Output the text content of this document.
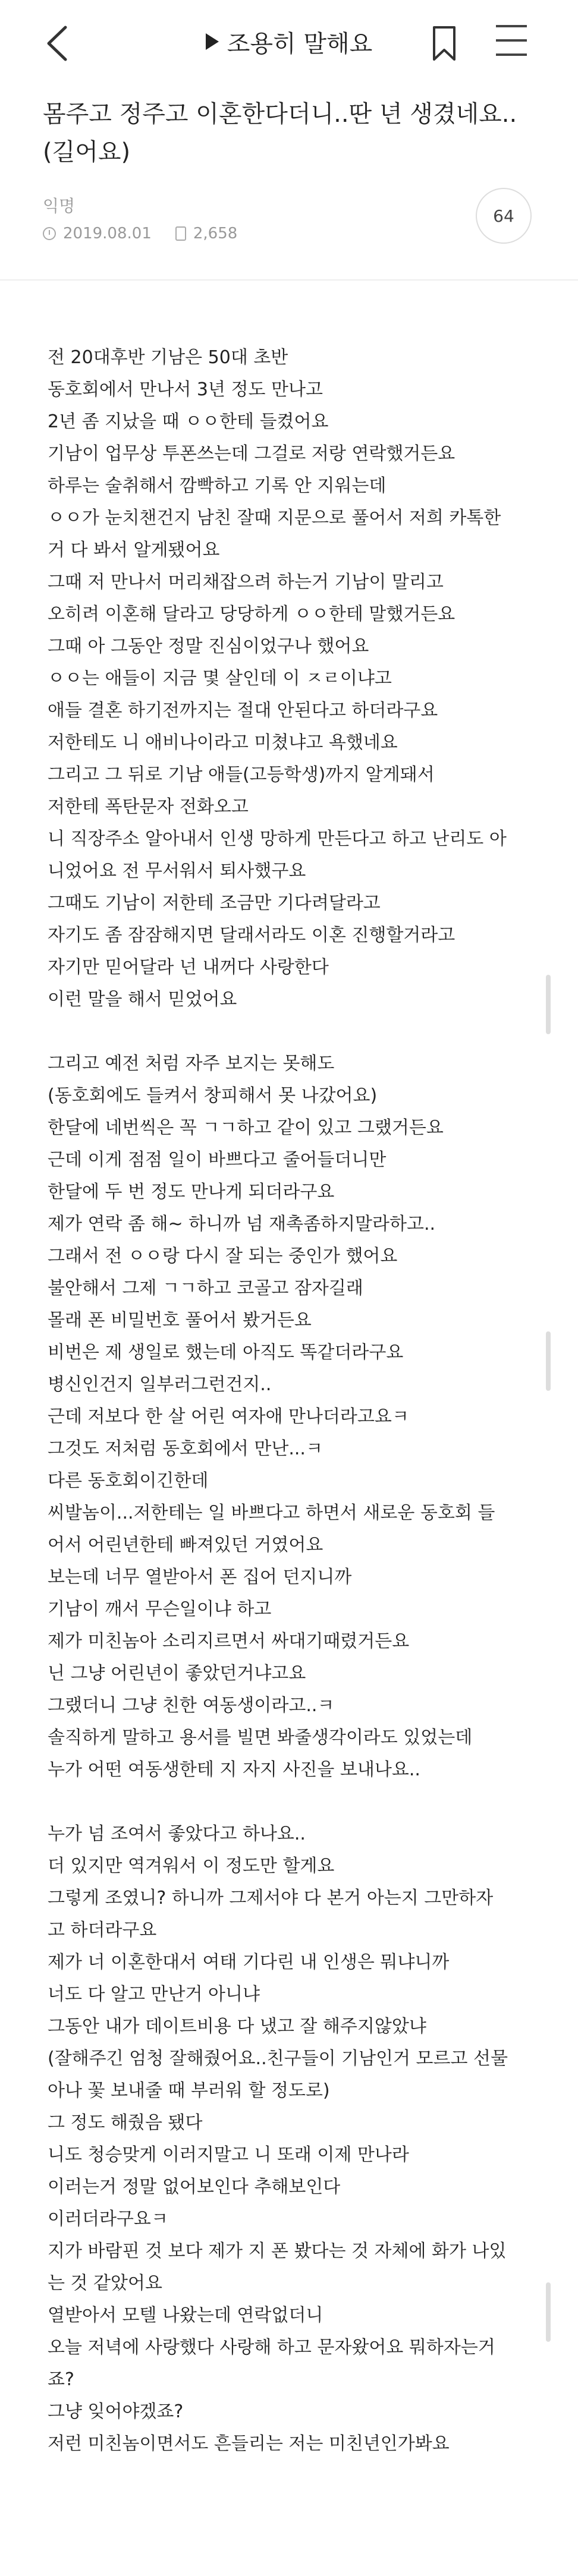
조용히 말해요
몸주고 정주고 이혼한다더니..딴 년 생겼네요..(길어요)
익명
2019.08.01	2,658
64
전 20대후반 기남은 50대 초반
동호회에서 만나서 3년 정도 만나고
2년 좀 지났을 때 ㅇㅇ한테 들켰어요
기남이 업무상 투폰쓰는데 그걸로 저랑 연락했거든요
하루는 술취해서 깜빡하고 기록 안 지워는데
ㅇㅇ가 눈치챈건지 남친 잘때 지문으로 풀어서 저희 카톡한
거 다 봐서 알게됐어요
그때 저 만나서 머리채잡으려 하는거 기남이 말리고
오히려 이혼해 달라고 당당하게 ㅇㅇ한테 말했거든요
그때 아 그동안 정말 진심이었구나 했어요
ㅇㅇ는 애들이 지금 몇 살인데 이 ㅈㄹ이냐고
애들 결혼 하기전까지는 절대 안된다고 하더라구요
저한테도 니 애비나이라고 미쳤냐고 욕했네요
그리고 그 뒤로 기남 애들(고등학생)까지 알게돼서
저한테 폭탄문자 전화오고
니 직장주소 알아내서 인생 망하게 만든다고 하고 난리도 아
니었어요 전 무서워서 퇴사했구요
그때도 기남이 저한테 조금만 기다려달라고
자기도 좀 잠잠해지면 달래서라도 이혼 진행할거라고
자기만 믿어달라 넌 내꺼다 사랑한다
이런 말을 해서 믿었어요
그리고 예전 처럼 자주 보지는 못해도
(동호회에도 들켜서 창피해서 못 나갔어요)
한달에 네번씩은 꼭 ㄱㄱ하고 같이 있고 그랬거든요
근데 이게 점점 일이 바쁘다고 줄어들더니만
한달에 두 번 정도 만나게 되더라구요
제가 연락 좀 해~ 하니까 넘 재촉좀하지말라하고..
그래서 전 ㅇㅇ랑 다시 잘 되는 중인가 했어요
불안해서 그제 ㄱㄱ하고 코골고 잠자길래
몰래 폰 비밀번호 풀어서 봤거든요
비번은 제 생일로 했는데 아직도 똑같더라구요
병신인건지 일부러그런건지..
근데 저보다 한 살 어린 여자애 만나더라고요ㅋ
그것도 저처럼 동호회에서 만난...ㅋ
다른 동호회이긴한데
씨발놈이...저한테는 일 바쁘다고 하면서 새로운 동호회 들
어서 어린년한테 빠져있던 거였어요
보는데 너무 열받아서 폰 집어 던지니까
기남이 깨서 무슨일이냐 하고
제가 미친놈아 소리지르면서 싸대기때렸거든요
닌 그냥 어린년이 좋았던거냐고요
그랬더니 그냥 친한 여동생이라고..ㅋ
솔직하게 말하고 용서를 빌면 봐줄생각이라도 있었는데
누가 어떤 여동생한테 지 자지 사진을 보내나요..
누가 넘 조여서 좋았다고 하나요..
더 있지만 역겨워서 이 정도만 할게요
그렇게 조였니? 하니까 그제서야 다 본거 아는지 그만하자
고 하더라구요
제가 너 이혼한대서 여태 기다린 내 인생은 뭐냐니까
너도 다 알고 만난거 아니냐
그동안 내가 데이트비용 다 냈고 잘 해주지않았냐
(잘해주긴 엄청 잘해줬어요..친구들이 기남인거 모르고 선물
아나 꽃 보내줄 때 부러워 할 정도로)
그 정도 해줬음 됐다
니도 청승맞게 이러지말고 니 또래 이제 만나라
이러는거 정말 없어보인다 추해보인다
이러더라구요ㅋ
지가 바람핀 것 보다 제가 지 폰 봤다는 것 자체에 화가 나있
는 것 같았어요
열받아서 모텔 나왔는데 연락없더니
오늘 저녁에 사랑했다 사랑해 하고 문자왔어요 뭐하자는거
죠?
그냥 잊어야겠죠?
저런 미친놈이면서도 흔들리는 저는 미친년인가봐요
